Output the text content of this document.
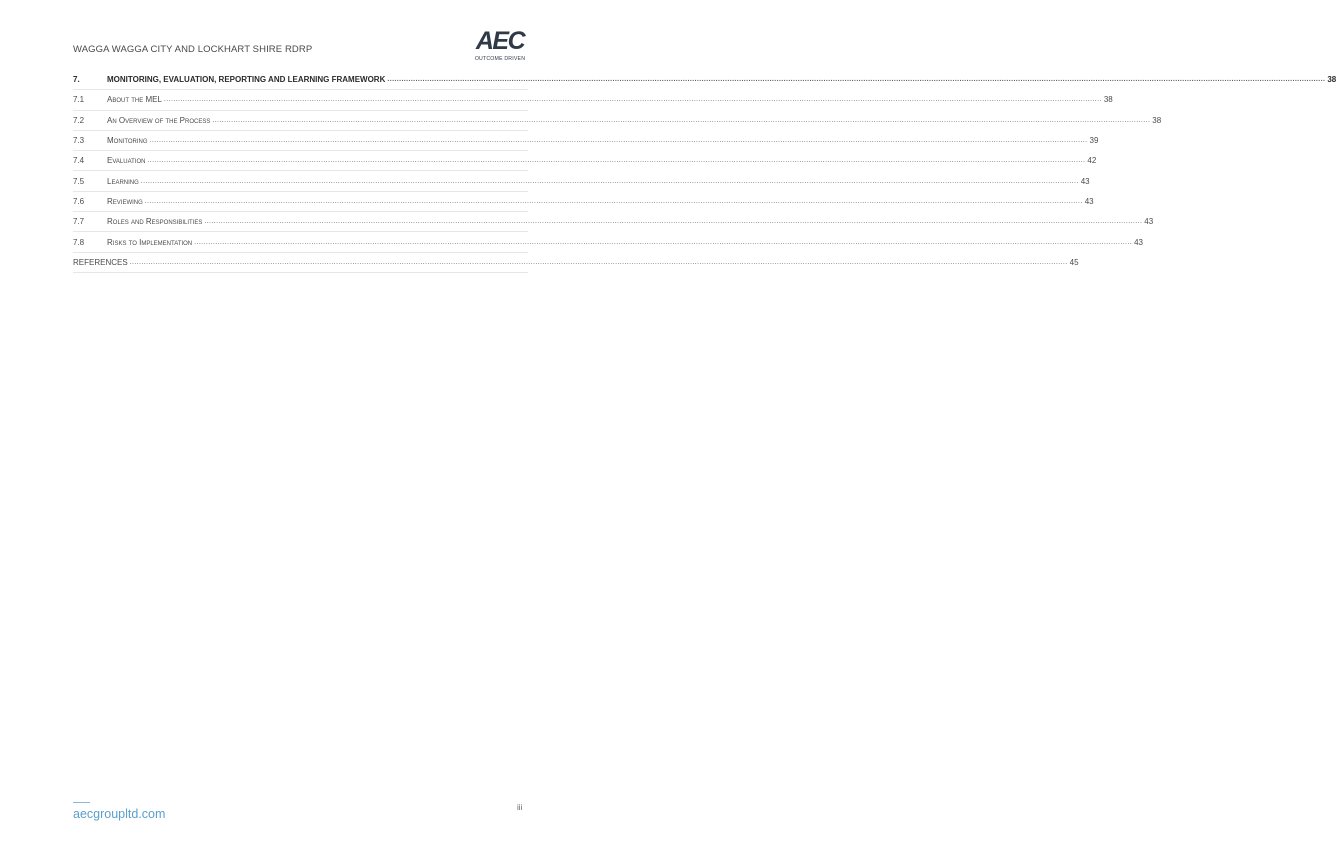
WAGGA WAGGA CITY AND LOCKHART SHIRE RDRP	AEC
OUTCOME DRIVEN
7.	MONITORING, EVALUATION, REPORTING AND LEARNING FRAMEWORK ................................................................................................................................................................................................................................................................................................................................................................................................................ 38
7.1	About the MEL ................................................................................................................................................................................................................................................................................................................................................................................................................ 38
7.2	An Overview of the Process ................................................................................................................................................................................................................................................................................................................................................................................................................ 38
7.3	Monitoring ................................................................................................................................................................................................................................................................................................................................................................................................................ 39
7.4	Evaluation ................................................................................................................................................................................................................................................................................................................................................................................................................ 42
7.5	Learning ................................................................................................................................................................................................................................................................................................................................................................................................................ 43
7.6	Reviewing ................................................................................................................................................................................................................................................................................................................................................................................................................ 43
7.7	Roles and Responsibilities ................................................................................................................................................................................................................................................................................................................................................................................................................ 43
7.8	Risks to Implementation ................................................................................................................................................................................................................................................................................................................................................................................................................ 43
REFERENCES ................................................................................................................................................................................................................................................................................................................................................................................................................ 45
aecgroupltd.com	iii
